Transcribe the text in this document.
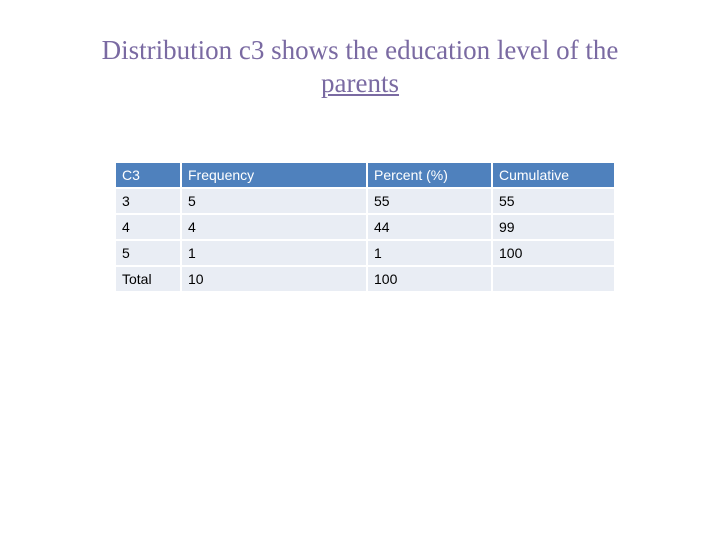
Distribution c3 shows the education level of the
parents
C3	Frequency	Percent (%)	Cumulative
3	5	55	55
4	4	44	99
5	1	1	100
Total	10	100	
